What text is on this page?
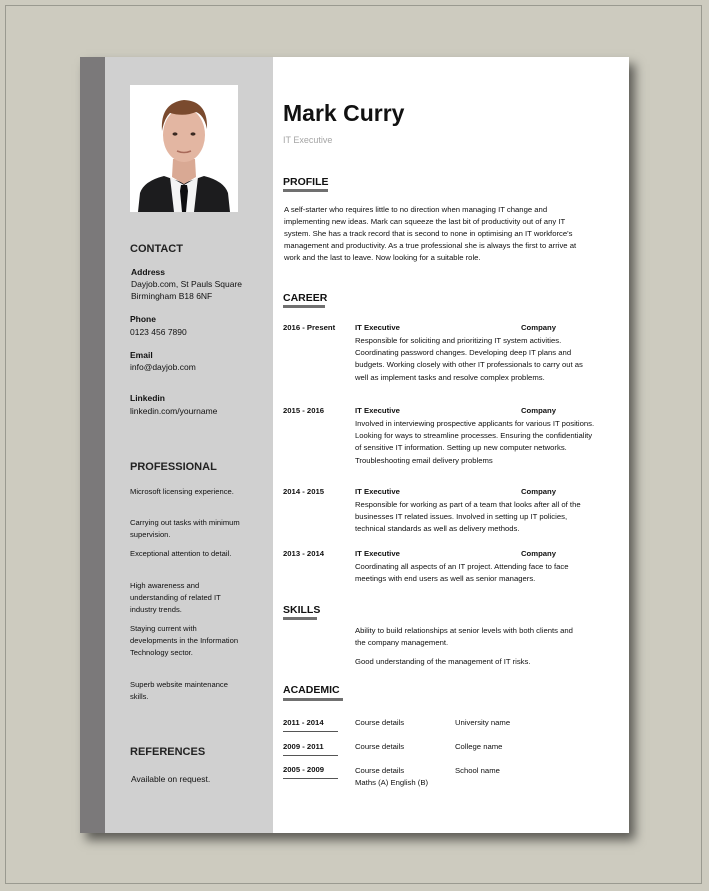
CONTACT
Address
Dayjob.com, St Pauls Square
Birmingham B18 6NF
Phone
0123 456 7890
Email
info@dayjob.com
Linkedin
linkedin.com/yourname
PROFESSIONAL
Microsoft licensing experience.
Carrying out tasks with minimum supervision.
Exceptional attention to detail.
High awareness and understanding of related IT industry trends.
Staying current with developments in the Information Technology sector.
Superb website maintenance skills.
REFERENCES
Available on request.
Mark Curry
IT Executive
PROFILE
A self-starter who requires little to no direction when managing IT change and implementing new ideas. Mark can squeeze the last bit of productivity out of any IT system. She has a track record that is second to none in optimising an IT workforce's management and productivity. As a true professional she is always the first to arrive at work and the last to leave. Now looking for a suitable role.
CAREER
2016 - Present	IT Executive	Company
Responsible for soliciting and prioritizing IT system activities. Coordinating password changes. Developing deep IT plans and budgets. Working closely with other IT professionals to carry out as well as implement tasks and resolve complex problems.
2015 - 2016	IT Executive	Company
Involved in interviewing prospective applicants for various IT positions. Looking for ways to streamline processes. Ensuring the confidentiality of sensitive IT information. Setting up new computer networks. Troubleshooting email delivery problems
2014 - 2015	IT Executive	Company
Responsible for working as part of a team that looks after all of the businesses IT related issues. Involved in setting up IT policies, technical standards as well as delivery methods.
2013 - 2014	IT Executive	Company
Coordinating all aspects of an IT project. Attending face to face meetings with end users as well as senior managers.
SKILLS
Ability to build relationships at senior levels with both clients and the company management.
Good understanding of the management of IT risks.
ACADEMIC
2011 - 2014	Course details	University name
2009 - 2011	Course details	College name
2005 - 2009	Course details	School name
Maths (A) English (B)
